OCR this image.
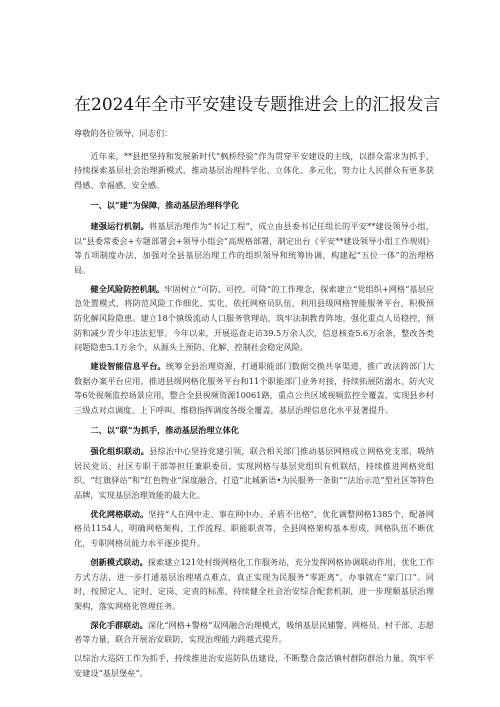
在2024年全市平安建设专题推进会上的汇报发言

尊敬的各位领导，同志们：

近年来，**县把坚持和发展新时代“枫桥经验”作为贯穿平安建设的主线，以群众需求为抓手，持续探索基层社会治理新模式，推动基层治理科学化、立体化、多元化，努力让人民群众有更多获得感、幸福感、安全感。

一、以“建”为保障，推动基层治理科学化

建强运行机制。将基层治理作为“书记工程”，成立由县委书记任组长的平安**建设领导小组，以“县委常委会+专题部署会+领导小组会”高规格部署，制定出台《平安**建设领导小组工作规则》等五项制度办法，加强对全县基层治理工作的组织领导和统筹协调，构建起“五位一体”的治理格局。

健全风险防控机制。牢固树立“可防、可控、可降”的工作理念，探索建立“党组织+网格”基层应急处置模式，将防范风险工作细化、实化，依托网格员队伍，利用县级网格智能服务平台，积极预防化解风险隐患。建立18个镇级流动人口服务管理站，筑牢法制教育阵地，强化重点人员稳控，预防和减少青少年违法犯罪。今年以来，开展巡查走访39.5万余人次，信息核查5.6万余条，整改各类问题隐患5.1万余个，从源头上预防、化解、控制社会稳定风险。

建设智能信息平台。统筹全县治理资源，打通职能部门数据交换共享渠道，推广政法跨部门大数据办案平台应用，推进县级网格化服务平台和11个职能部门业务对接，持续拓展防溺水、防火灾等6处视频监控场景应用，整合全县视频资源10061路，重点公共区域视频监控全覆盖，实现县乡村三级点对点调度、上下呼叫、维稳指挥调度各级全覆盖，基层治理信息化水平显著提升。

二、以“联”为抓手，推动基层治理立体化

强化组织联动。县综治中心坚持党建引领，联合相关部门推动基层网格成立网格党支部，吸纳居民党员、社区专职干部等担任兼职委员，实现网格与基层党组织有机联结，持续推进网格党组织、“红旗驿站”和“红色物业”深度融合，打造“北城新语•为民服务一条街”“法治示范”型社区等特色品牌，实现基层治理效能的最大化。

优化网格联动。坚持“人在网中走、事在网中办、矛盾不出格”，优化调整网格1385个，配备网格员1154人，明确网格架构、工作流程、职能职责等，全县网格架构基本形成，网格队伍不断优化，专职网格员能力水平逐步提升。

创新模式联动。探索建立121处村级网格化工作服务站，充分发挥网格协调联动作用，优化工作方式方法，进一步打通基层治理堵点难点，真正实现为民服务“零距离”，办事就在“家门口”。同时，按照定人、定时、定岗、定责的标准，持续健全社会治安综合配套机制，进一步理顺基层治理架构，落实网格化管理任务。

深化手群联动。深化“网格+警格”双网融合治理模式，吸纳基层民辅警、网格员、村干部、志愿者等力量，联合开展治安联防，实现治理能力跨越式提升。

以综治大巡防工作为抓手，持续推进治安巡防队伍建设，不断整合盘活镇村群防群治力量，筑牢平安建设“基层堡垒”。
